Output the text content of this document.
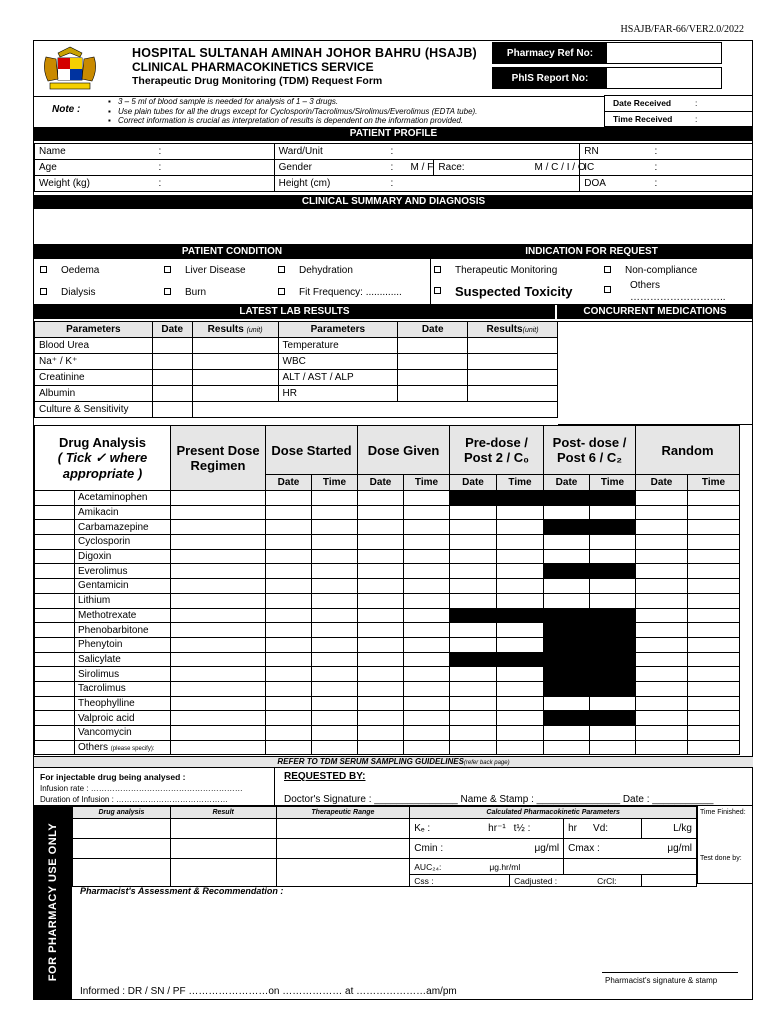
HSAJB/FAR-66/VER2.0/2022
HOSPITAL SULTANAH AMINAH JOHOR BAHRU (HSAJB)
CLINICAL PHARMACOKINETICS SERVICE
Therapeutic Drug Monitoring (TDM) Request Form
Pharmacy Ref No:
PhIS Report No:
Note :
▪ 3 – 5 ml of blood sample is needed for analysis of 1 – 3 drugs.
▪ Use plain tubes for all the drugs except for Cyclosporin/Tacrolimus/Sirolimus/Everolimus (EDTA tube).
▪ Correct information is crucial as interpretation of results is dependent on the information provided.
Date Received	:
Time Received	:
PATIENT PROFILE
Name :	Ward/Unit :		RN :

Age :	Gender : M / F	Race: M / C / I / O	IC :

Weight (kg) :	Height (cm) :		DOA :
CLINICAL SUMMARY AND DIAGNOSIS
PATIENT CONDITION	INDICATION FOR REQUEST
Oedema	Liver Disease	Dehydration
Dialysis	Burn	Fit Frequency: .............
Therapeutic Monitoring	Non-compliance
Suspected Toxicity	Others
………………………..
LATEST LAB RESULTS	CONCURRENT MEDICATIONS
Parameters	Date	Results (unit)	Parameters	Date	Results(unit)
Blood Urea			Temperature		
Na⁺ / K⁺			WBC		
Creatinine			ALT / AST / ALP		
Albumin			HR		
Culture & Sensitivity					
Drug Analysis
( Tick ✓ where appropriate )		Present Dose Regimen	Dose Started		Dose Given		Pre-dose / Post 2 / C₀		Post- dose / Post 6 / C₂		Random	
			Date	Time	Date	Time	Date	Time	Date	Time	Date	Time
	Acetaminophen											
	Amikacin											
	Carbamazepine											
	Cyclosporin											
	Digoxin											
	Everolimus											
	Gentamicin											
	Lithium											
	Methotrexate											
	Phenobarbitone											
	Phenytoin											
	Salicylate											
	Sirolimus											
	Tacrolimus											
	Theophylline											
	Valproic acid											
	Vancomycin											
	Others (please specify):											
REFER TO TDM SERUM SAMPLING GUIDELINES(refer back page)
For injectable drug being analysed :
Infusion rate : …………………………………………………
Duration of Infusion : ……………………………………
REQUESTED BY:
Doctor's Signature : _______________ Name & Stamp : _______________ Date : ___________
FOR PHARMACY USE ONLY
Drug analysis	Result	Therapeutic Range	Calculated Pharmacokinetic Parameters			
			Kₑ : hr⁻¹	t½ :	hr Vd:	L/kg
			Cmin : μg/ml		Cmax : μg/ml	

			AUC₂₄: μg.hr/ml			
			Css :	Cadjusted : CrCl:		
Time Finished:
Test done by:
Pharmacist's Assessment & Recommendation :
Pharmacist's signature & stamp
Informed : DR / SN / PF ……………………on ……………… at …………………am/pm
